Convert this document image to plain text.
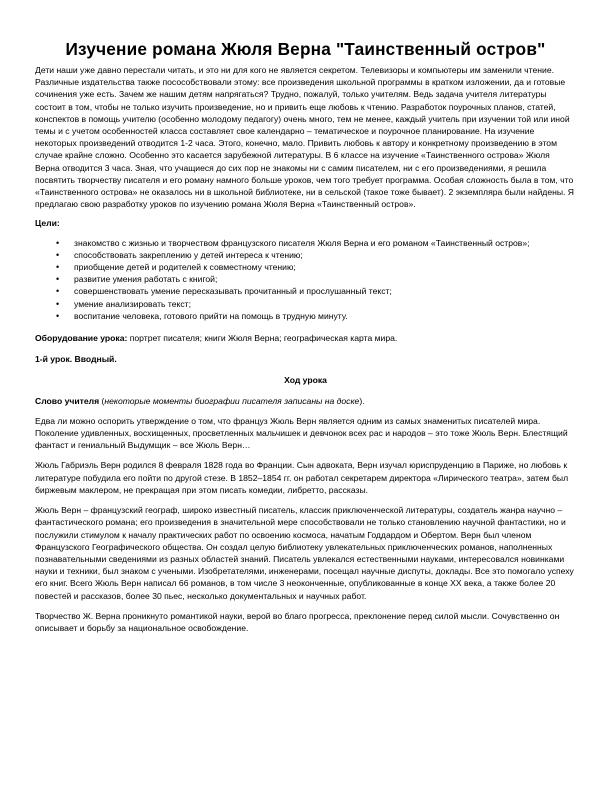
Изучение романа Жюля Верна "Таинственный остров"

Дети наши уже давно перестали читать, и это ни для кого не является секретом. Телевизоры и компьютеры им заменили чтение. Различные издательства также посособствовали этому: все произведения школьной программы в кратком изложении, да и готовые сочинения уже есть. Зачем же нашим детям напрягаться? Трудно, пожалуй, только учителям. Ведь задача учителя литературы состоит в том, чтобы не только изучить произведение, но и привить еще любовь к чтению. Разработок поурочных планов, статей, конспектов в помощь учителю (особенно молодому педагогу) очень много, тем не менее, каждый учитель при изучении той или иной темы и с учетом особенностей класса составляет свое календарно – тематическое и поурочное планирование. На изучение некоторых произведений отводится 1-2 часа. Этого, конечно, мало. Привить любовь к автору и конкретному произведению в этом случае крайне сложно. Особенно это касается зарубежной литературы. В 6 классе на изучение «Таинственного острова» Жюля Верна отводится 3 часа. Зная, что учащиеся до сих пор не знакомы ни с самим писателем, ни с его произведениями, я решила посвятить творчеству писателя и его роману намного больше уроков, чем того требует программа. Особая сложность была в том, что «Таинственного острова» не оказалось ни в школьной библиотеке, ни в сельской (такое тоже бывает). 2 экземпляра были найдены. Я предлагаю свою разработку уроков по изучению романа Жюля Верна «Таинственный остров».

Цели:

• знакомство с жизнью и творчеством французского писателя Жюля Верна и его романом «Таинственный остров»;
• способствовать закреплению у детей интереса к чтению;
• приобщение детей и родителей к совместному чтению;
• развитие умения работать с книгой;
• совершенствовать умение пересказывать прочитанный и прослушанный текст;
• умение анализировать текст;
• воспитание человека, готового прийти на помощь в трудную минуту.

Оборудование урока: портрет писателя; книги Жюля Верна; географическая карта мира.

1-й урок. Вводный.

Ход урока

Слово учителя (некоторые моменты биографии писателя записаны на доске).

Едва ли можно оспорить утверждение о том, что француз Жюль Верн является одним из самых знаменитых писателей мира. Поколение удивленных, восхищенных, просветленных мальчишек и девчонок всех рас и народов – это тоже Жюль Верн. Блестящий фантаст и гениальный Выдумщик – все Жюль Верн…

Жюль Габриэль Верн родился 8 февраля 1828 года во Франции. Сын адвоката, Верн изучал юриспруденцию в Париже, но любовь к литературе побудила его пойти по другой стезе. В 1852–1854 гг. он работал секретарем директора «Лирического театра», затем был биржевым маклером, не прекращая при этом писать комедии, либретто, рассказы.

Жюль Верн – французский географ, широко известный писатель, классик приключенческой литературы, создатель жанра научно – фантастического романа; его произведения в значительной мере способствовали не только становлению научной фантастики, но и послужили стимулом к началу практических работ по освоению космоса, начатым Годдардом и Обертом. Верн был членом Французского Географического общества. Он создал целую библиотеку увлекательных приключенческих романов, наполненных познавательными сведениями из разных областей знаний. Писатель увлекался естественными науками, интересовался новинками науки и техники, был знаком с учеными. Изобретателями, инженерами, посещал научные диспуты, доклады. Все это помогало успеху его книг. Всего Жюль Верн написал 66 романов, в том числе 3 неоконченные, опубликованные в конце XX века, а также более 20 повестей и рассказов, более 30 пьес, несколько документальных и научных работ.

Творчество Ж. Верна проникнуто романтикой науки, верой во благо прогресса, преклонение перед силой мысли. Сочувственно он описывает и борьбу за национальное освобождение.
